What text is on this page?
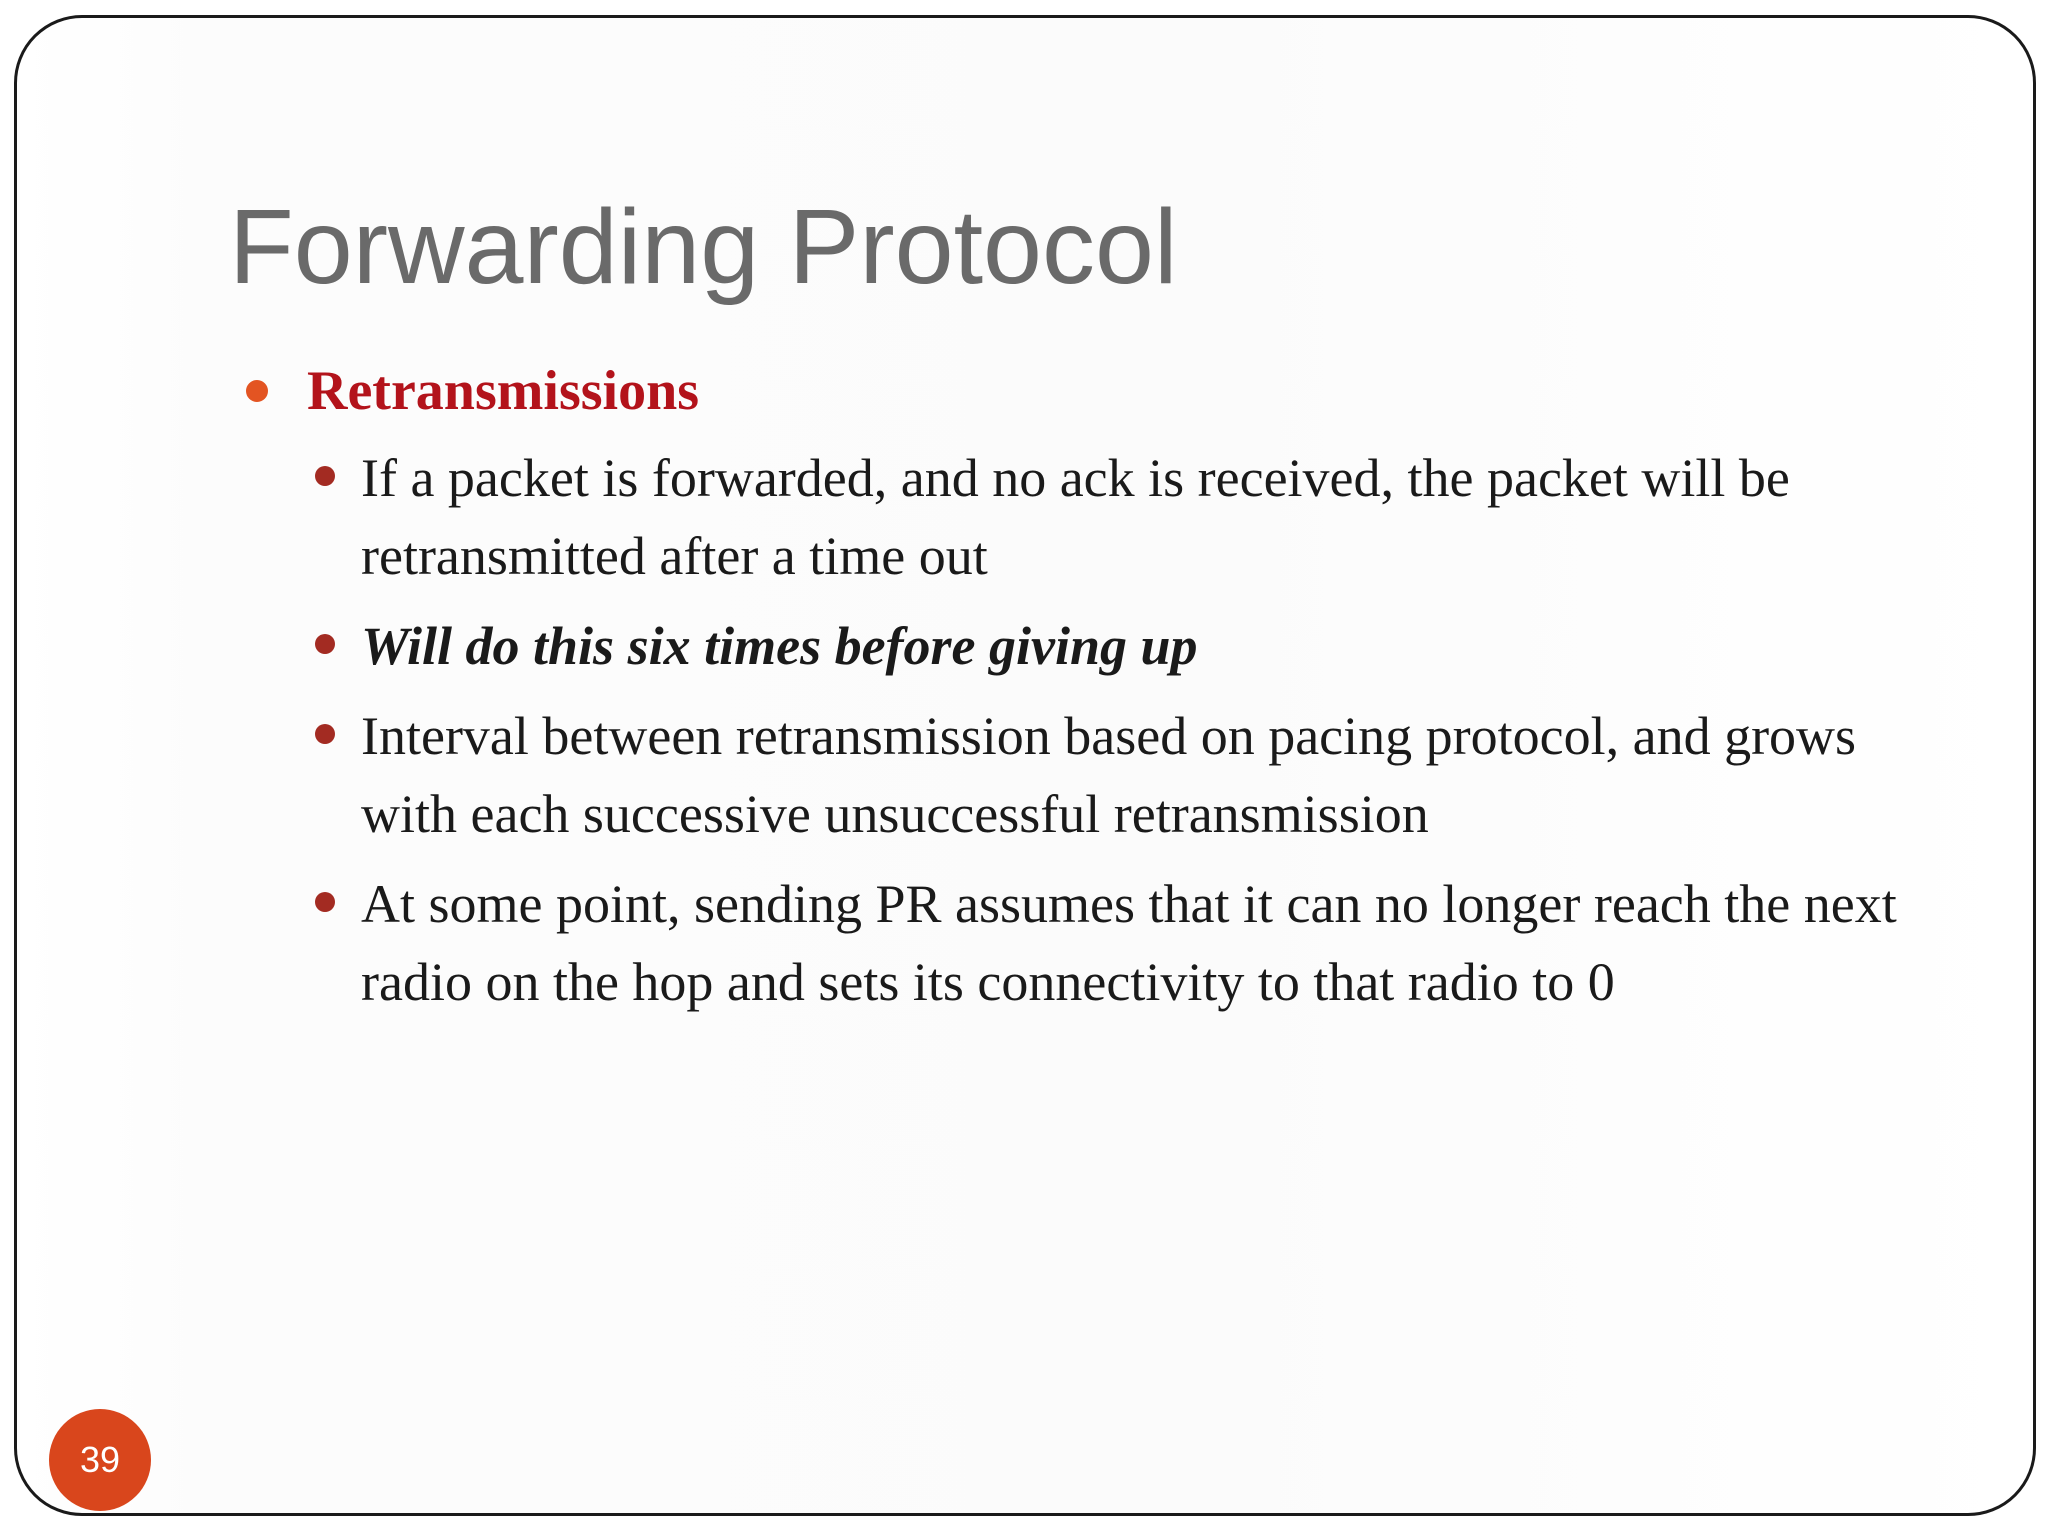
Forwarding Protocol
Retransmissions
If a packet is forwarded, and no ack is received, the packet will be retransmitted after a time out
Will do this six times before giving up
Interval between retransmission based on pacing protocol, and grows with each successive unsuccessful retransmission
At some point, sending PR assumes that it can no longer reach the next radio on the hop and sets its connectivity to that radio to 0
39
